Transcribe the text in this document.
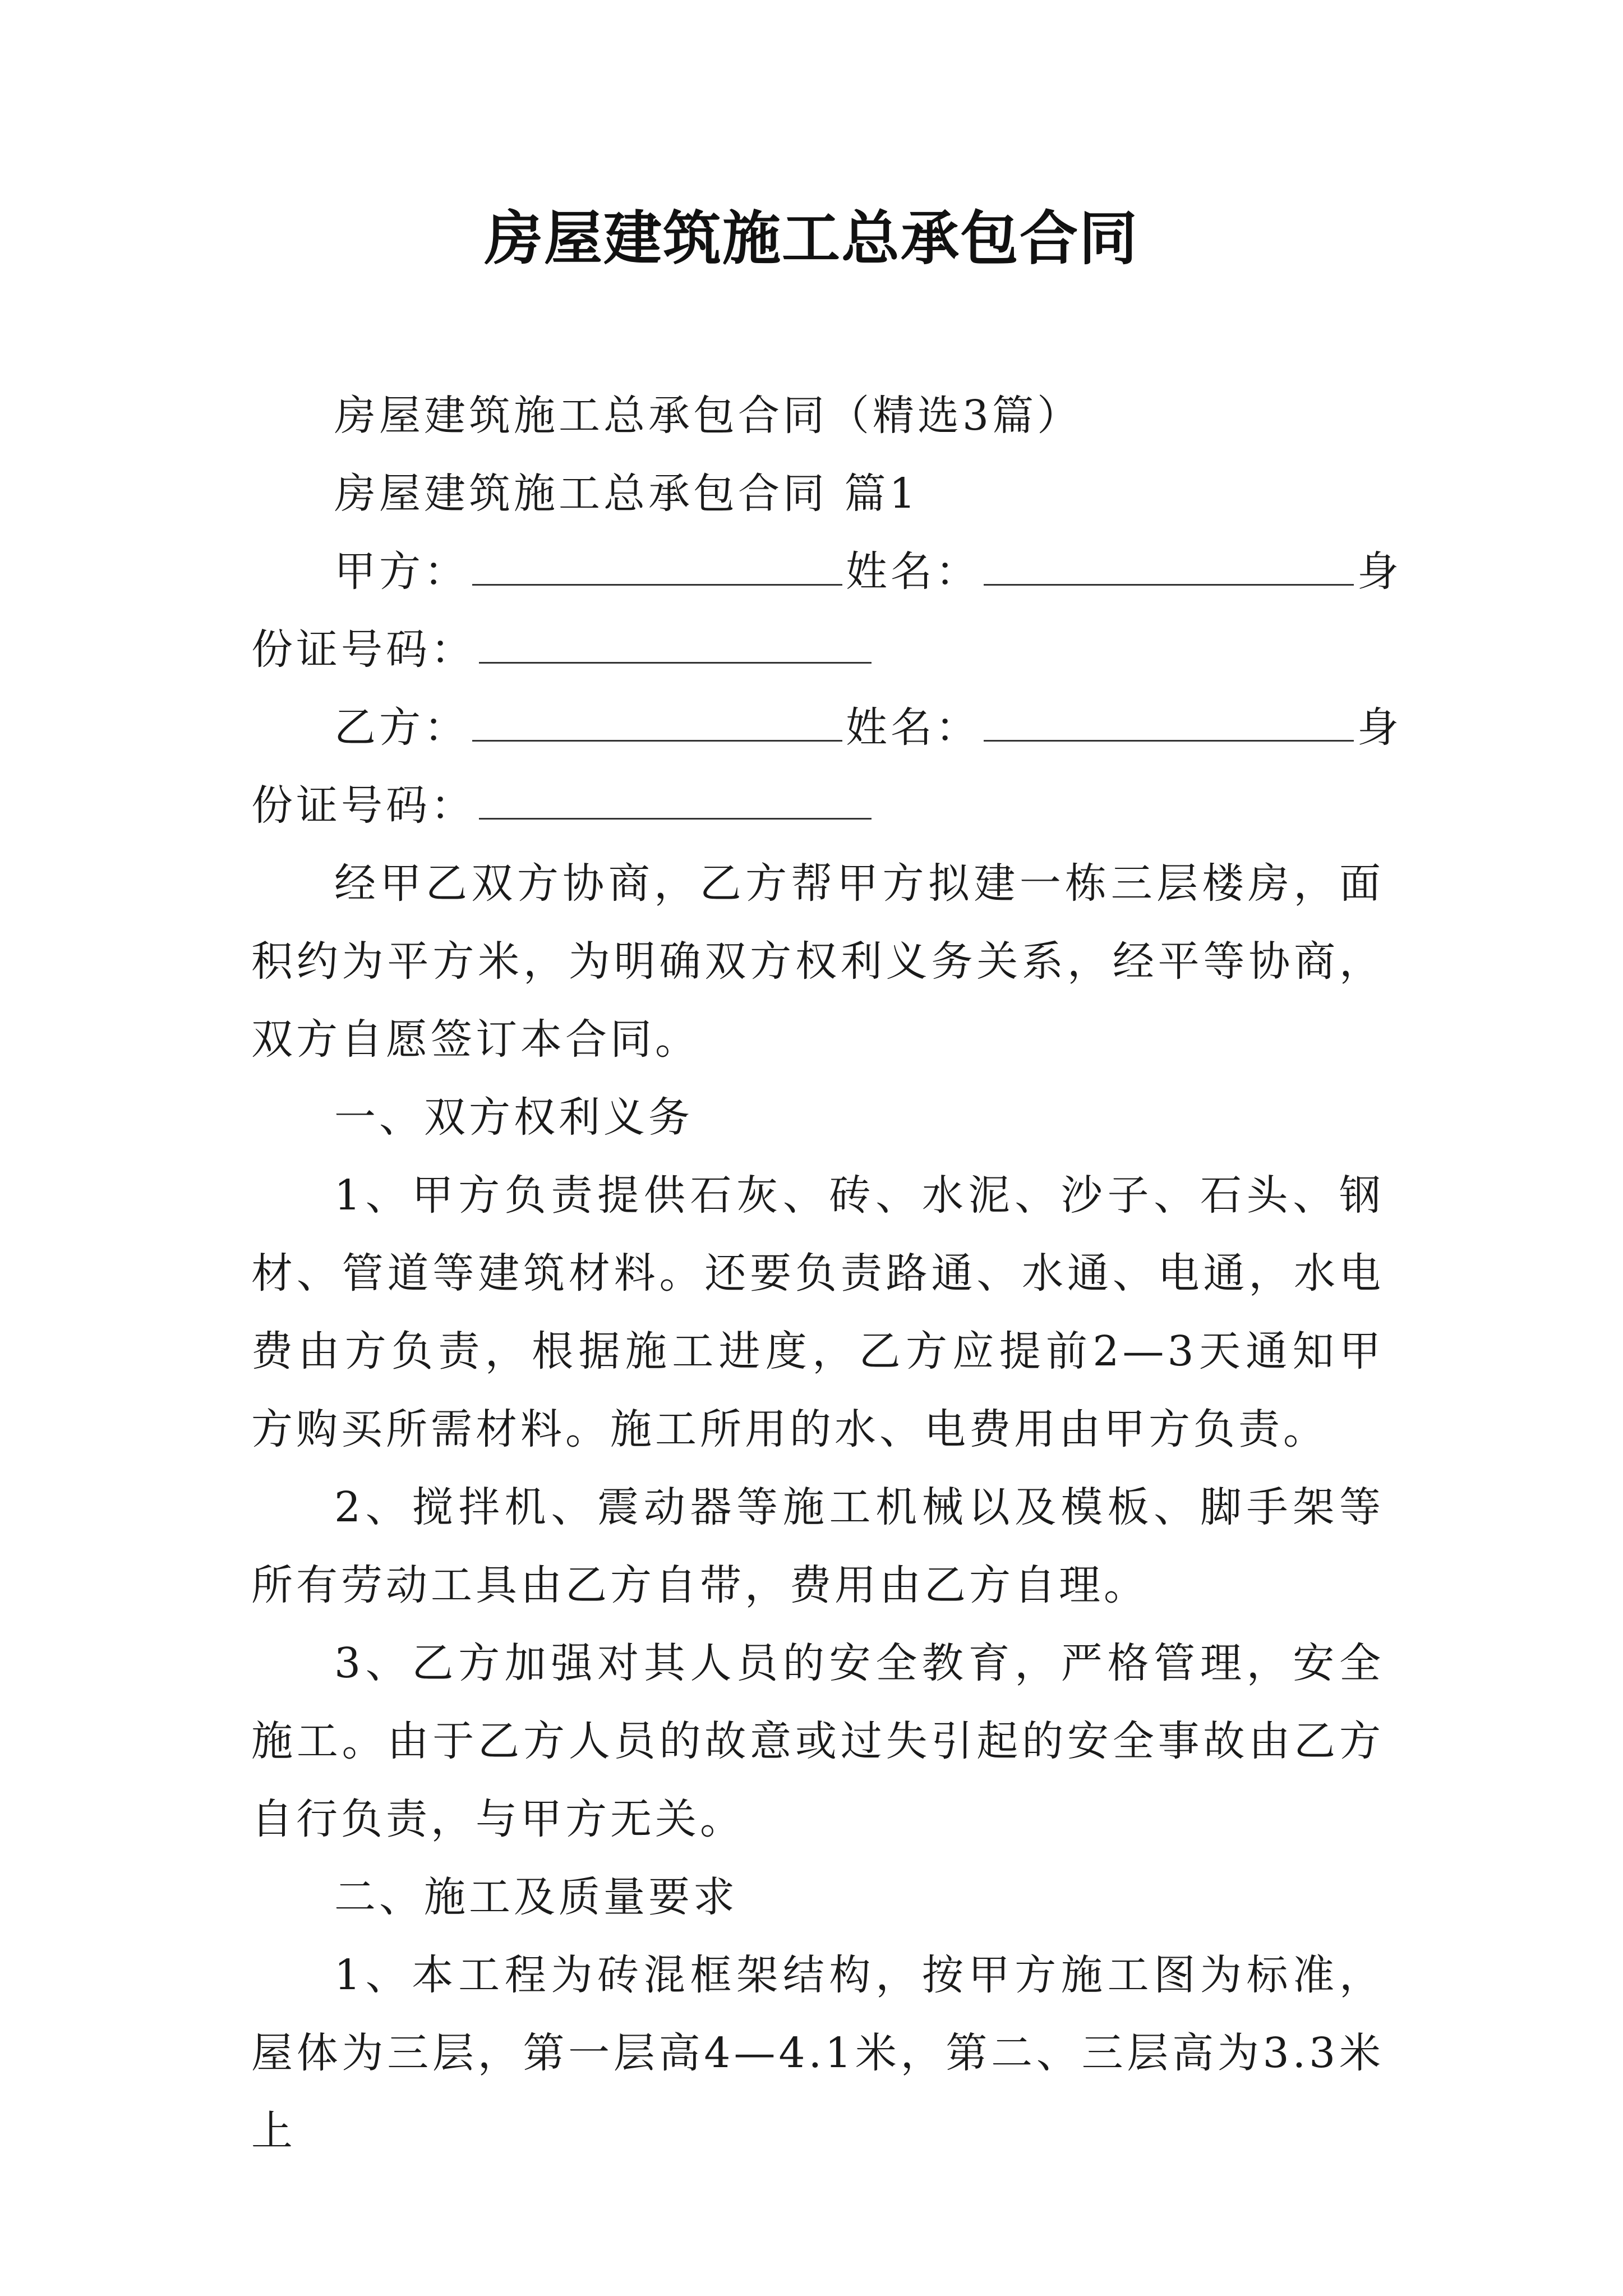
房屋建筑施工总承包合同

房屋建筑施工总承包合同（精选3篇）

房屋建筑施工总承包合同 篇1

甲方：	姓名：	身

份证号码：

乙方：	姓名：	身

份证号码：

经甲乙双方协商，乙方帮甲方拟建一栋三层楼房，面积约为平方米，为明确双方权利义务关系，经平等协商，双方自愿签订本合同。

一、双方权利义务

1、甲方负责提供石灰、砖、水泥、沙子、石头、钢材、管道等建筑材料。还要负责路通、水通、电通，水电费由方负责，根据施工进度，乙方应提前2—3天通知甲方购买所需材料。施工所用的水、电费用由甲方负责。

2、搅拌机、震动器等施工机械以及模板、脚手架等所有劳动工具由乙方自带，费用由乙方自理。

3、乙方加强对其人员的安全教育，严格管理，安全施工。由于乙方人员的故意或过失引起的安全事故由乙方自行负责，与甲方无关。

二、施工及质量要求

1、本工程为砖混框架结构，按甲方施工图为标准，屋体为三层，第一层高4—4.1米，第二、三层高为3.3米上
